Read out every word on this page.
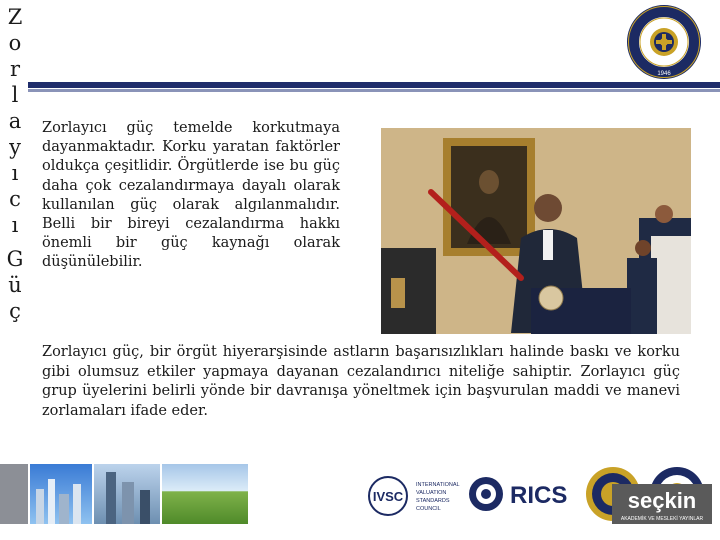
Z
o
r
l
a
y
ı
c
ı
G
ü
ç
1946

Zorlayıcı güç temelde korkutmaya dayanmaktadır. Korku yaratan faktörler oldukça çeşitlidir. Örgütlerde ise bu güç daha çok cezalandırmaya dayalı olarak kullanılan güç olarak algılanmalıdır. Belli bir bireyi cezalandırma hakkı önemli bir güç kaynağı olarak düşünülebilir.

Zorlayıcı güç, bir örgüt hiyerarşisinde astların başarısızlıkları halinde baskı ve korku gibi olumsuz etkiler yapmaya dayanan cezalandırıcı niteliğe sahiptir. Zorlayıcı güç grup üyelerini belirli yönde bir davranışa yöneltmek için başvurulan maddi ve manevi zorlamaları ifade eder.

IVSC
INTERNATIONAL
VALUATION
STANDARDS
COUNCIL	RICS	seçkin
AKADEMİK VE MESLEKİ YAYINLAR
